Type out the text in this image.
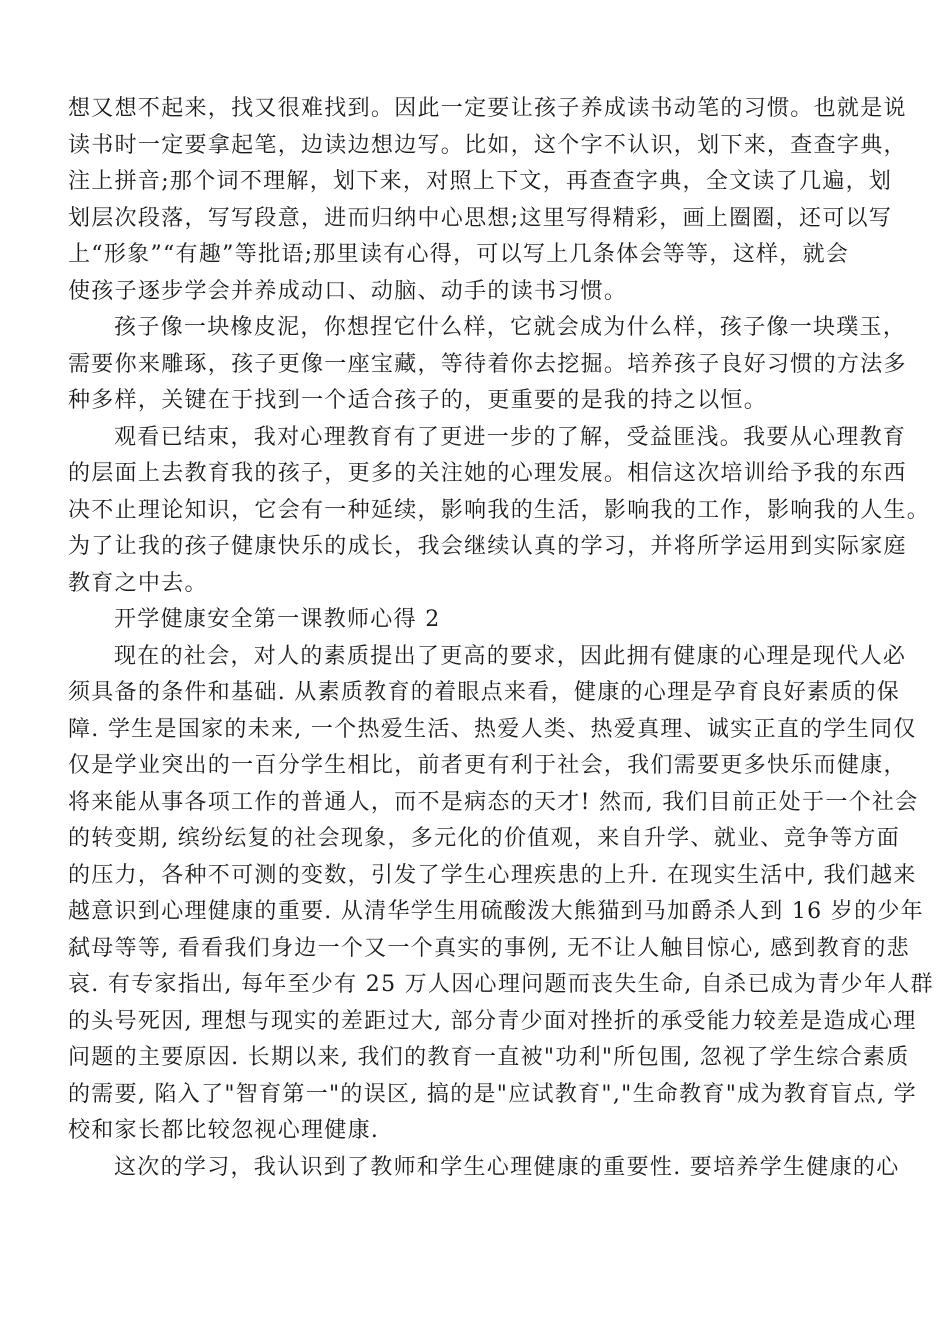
想又想不起来，找又很难找到。因此一定要让孩子养成读书动笔的习惯。也就是说
读书时一定要拿起笔，边读边想边写。比如，这个字不认识，划下来，查查字典，
注上拼音;那个词不理解，划下来，对照上下文，再查查字典，全文读了几遍，划
划层次段落，写写段意，进而归纳中心思想;这里写得精彩，画上圈圈，还可以写
上“形象”“有趣”等批语;那里读有心得，可以写上几条体会等等，这样，就会
使孩子逐步学会并养成动口、动脑、动手的读书习惯。
孩子像一块橡皮泥，你想捏它什么样，它就会成为什么样，孩子像一块璞玉，
需要你来雕琢，孩子更像一座宝藏，等待着你去挖掘。培养孩子良好习惯的方法多
种多样，关键在于找到一个适合孩子的，更重要的是我的持之以恒。
观看已结束，我对心理教育有了更进一步的了解，受益匪浅。我要从心理教育
的层面上去教育我的孩子，更多的关注她的心理发展。相信这次培训给予我的东西
决不止理论知识，它会有一种延续，影响我的生活，影响我的工作，影响我的人生。
为了让我的孩子健康快乐的成长，我会继续认真的学习，并将所学运用到实际家庭
教育之中去。
开学健康安全第一课教师心得 2
现在的社会，对人的素质提出了更高的要求，因此拥有健康的心理是现代人必
须具备的条件和基础. 从素质教育的着眼点来看，健康的心理是孕育良好素质的保
障. 学生是国家的未来, 一个热爱生活、热爱人类、热爱真理、诚实正直的学生同仅
仅是学业突出的一百分学生相比，前者更有利于社会，我们需要更多快乐而健康，
将来能从事各项工作的普通人，而不是病态的天才! 然而, 我们目前正处于一个社会
的转变期, 缤纷纭复的社会现象，多元化的价值观，来自升学、就业、竞争等方面
的压力，各种不可测的变数，引发了学生心理疾患的上升. 在现实生活中, 我们越来
越意识到心理健康的重要. 从清华学生用硫酸泼大熊猫到马加爵杀人到 16 岁的少年
弑母等等, 看看我们身边一个又一个真实的事例, 无不让人触目惊心, 感到教育的悲
哀. 有专家指出, 每年至少有 25 万人因心理问题而丧失生命, 自杀已成为青少年人群
的头号死因, 理想与现实的差距过大, 部分青少面对挫折的承受能力较差是造成心理
问题的主要原因. 长期以来, 我们的教育一直被"功利"所包围, 忽视了学生综合素质
的需要, 陷入了"智育第一"的误区, 搞的是"应试教育","生命教育"成为教育盲点, 学
校和家长都比较忽视心理健康.
这次的学习，我认识到了教师和学生心理健康的重要性. 要培养学生健康的心
